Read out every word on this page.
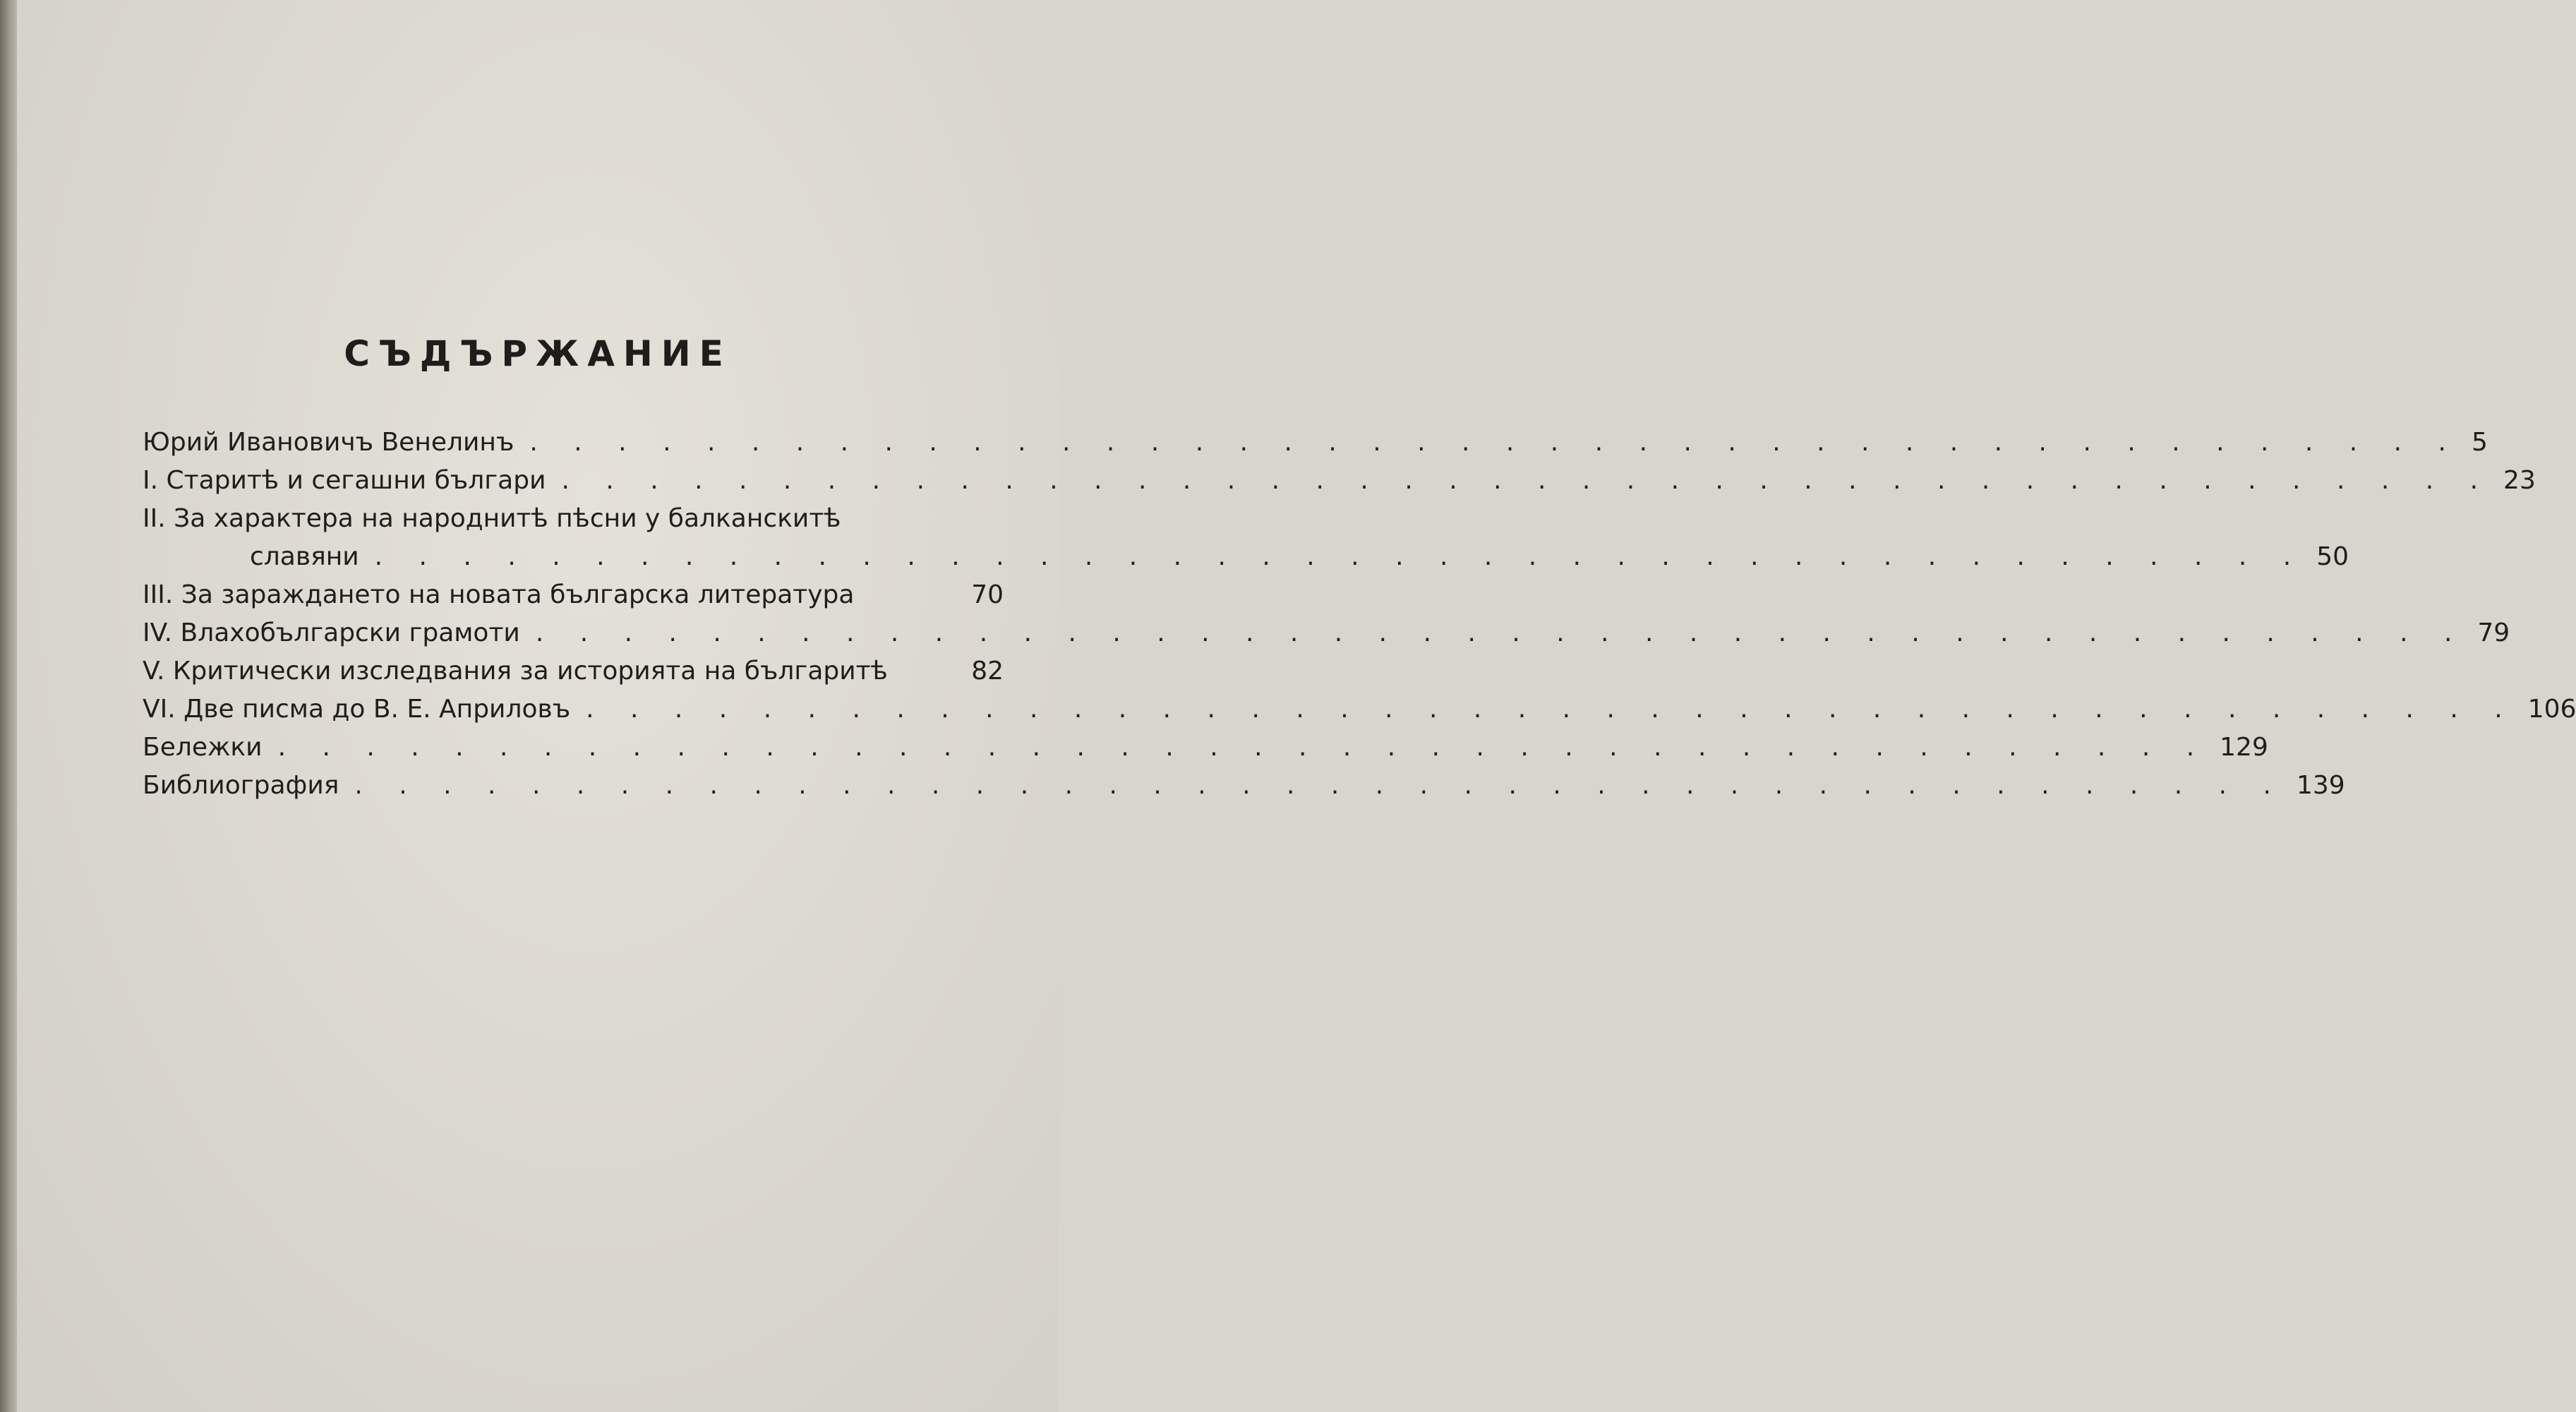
СЪДЪРЖАНИЕ
Юрий Ивановичъ Венелинъ . . . . . . . . . . . . . . . . . . . . . . . . . . . . . . . . . . . . . . . . . . . . 5
I. Старитѣ и сегашни българи . . . . . . . . . . . . . . . . . . . . . . . . . . . . . . . . . . . . . . . . . . . . 23
II. За характера на народнитѣ пѣсни у балканскитѣ
славяни . . . . . . . . . . . . . . . . . . . . . . . . . . . . . . . . . . . . . . . . . . . . 50
III. За зараждането на новата българска литература	70
IV. Влахобългарски грамоти . . . . . . . . . . . . . . . . . . . . . . . . . . . . . . . . . . . . . . . . . . . . 79
V. Критически изследвания за историята на българитѣ	82
VI. Две писма до В. Е. Априловъ . . . . . . . . . . . . . . . . . . . . . . . . . . . . . . . . . . . . . . . . . . . . 106
Бележки . . . . . . . . . . . . . . . . . . . . . . . . . . . . . . . . . . . . . . . . . . . . 129
Библиография . . . . . . . . . . . . . . . . . . . . . . . . . . . . . . . . . . . . . . . . . . . . 139
